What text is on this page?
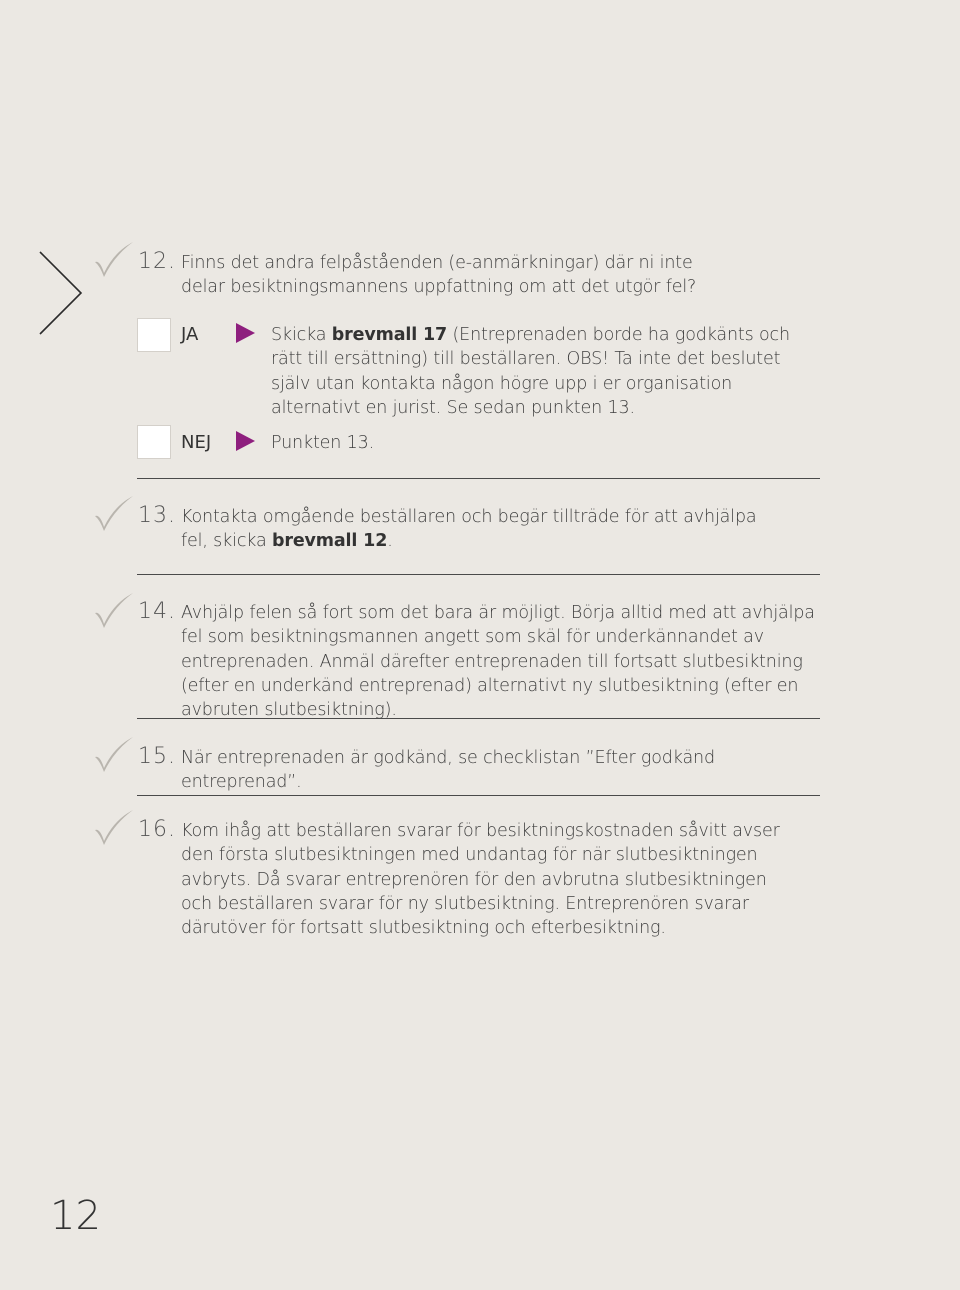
12. Finns det andra felpåståenden (e-anmärkningar) där ni inte delar besiktningsmannens uppfattning om att det utgör fel?
JA	Skicka brevmall 17 (Entreprenaden borde ha godkänts och rätt till ersättning) till beställaren. OBS! Ta inte det beslutet själv utan kontakta någon högre upp i er organisation alternativt en jurist. Se sedan punkten 13.
NEJ	Punkten 13.
13. Kontakta omgående beställaren och begär tillträde för att avhjälpa fel, skicka brevmall 12.
14. Avhjälp felen så fort som det bara är möjligt. Börja alltid med att avhjälpa fel som besiktningsmannen angett som skäl för underkännandet av entreprenaden. Anmäl därefter entreprenaden till fortsatt slutbesiktning (efter en underkänd entreprenad) alternativt ny slutbesiktning (efter en avbruten slutbesiktning).
15. När entreprenaden är godkänd, se checklistan ”Efter godkänd entreprenad”.
16. Kom ihåg att beställaren svarar för besiktningskostnaden såvitt avser den första slutbesiktningen med undantag för när slutbesiktningen avbryts. Då svarar entreprenören för den avbrutna slutbesiktningen och beställaren svarar för ny slutbesiktning. Entreprenören svarar därutöver för fortsatt slutbesiktning och efterbesiktning.
12
